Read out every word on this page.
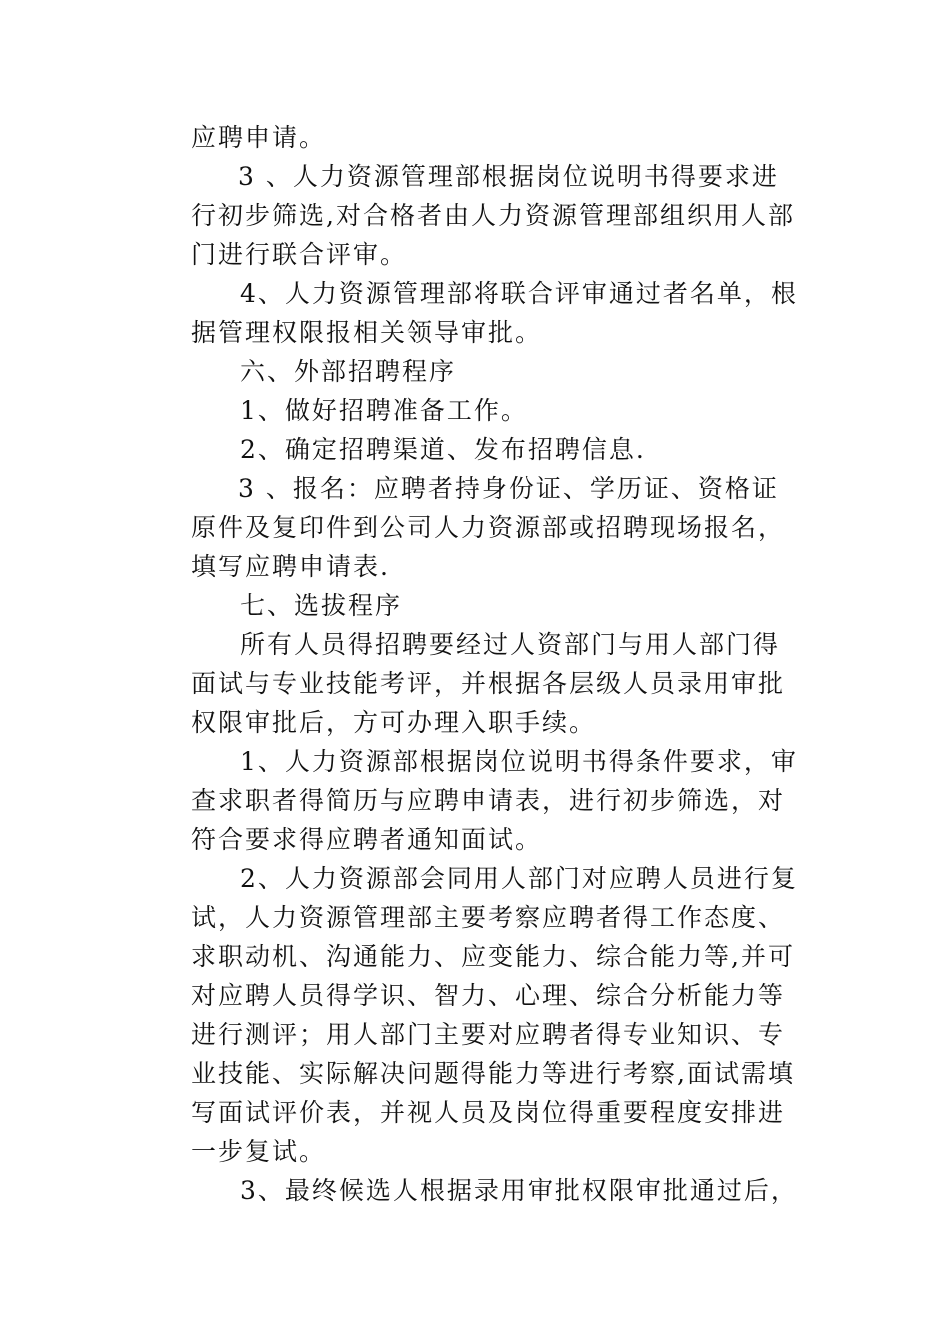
应聘申请。
3 、人力资源管理部根据岗位说明书得要求进
行初步筛选,对合格者由人力资源管理部组织用人部
门进行联合评审。
4、人力资源管理部将联合评审通过者名单，根
据管理权限报相关领导审批。
六、外部招聘程序
1、做好招聘准备工作。
2、确定招聘渠道、发布招聘信息.
3 、报名：应聘者持身份证、学历证、资格证
原件及复印件到公司人力资源部或招聘现场报名，
填写应聘申请表.
七、选拔程序
所有人员得招聘要经过人资部门与用人部门得
面试与专业技能考评，并根据各层级人员录用审批
权限审批后，方可办理入职手续。
1、人力资源部根据岗位说明书得条件要求，审
查求职者得简历与应聘申请表，进行初步筛选，对
符合要求得应聘者通知面试。
2、人力资源部会同用人部门对应聘人员进行复
试，人力资源管理部主要考察应聘者得工作态度、
求职动机、沟通能力、应变能力、综合能力等,并可
对应聘人员得学识、智力、心理、综合分析能力等
进行测评；用人部门主要对应聘者得专业知识、专
业技能、实际解决问题得能力等进行考察,面试需填
写面试评价表，并视人员及岗位得重要程度安排进
一步复试。
3、最终候选人根据录用审批权限审批通过后，
